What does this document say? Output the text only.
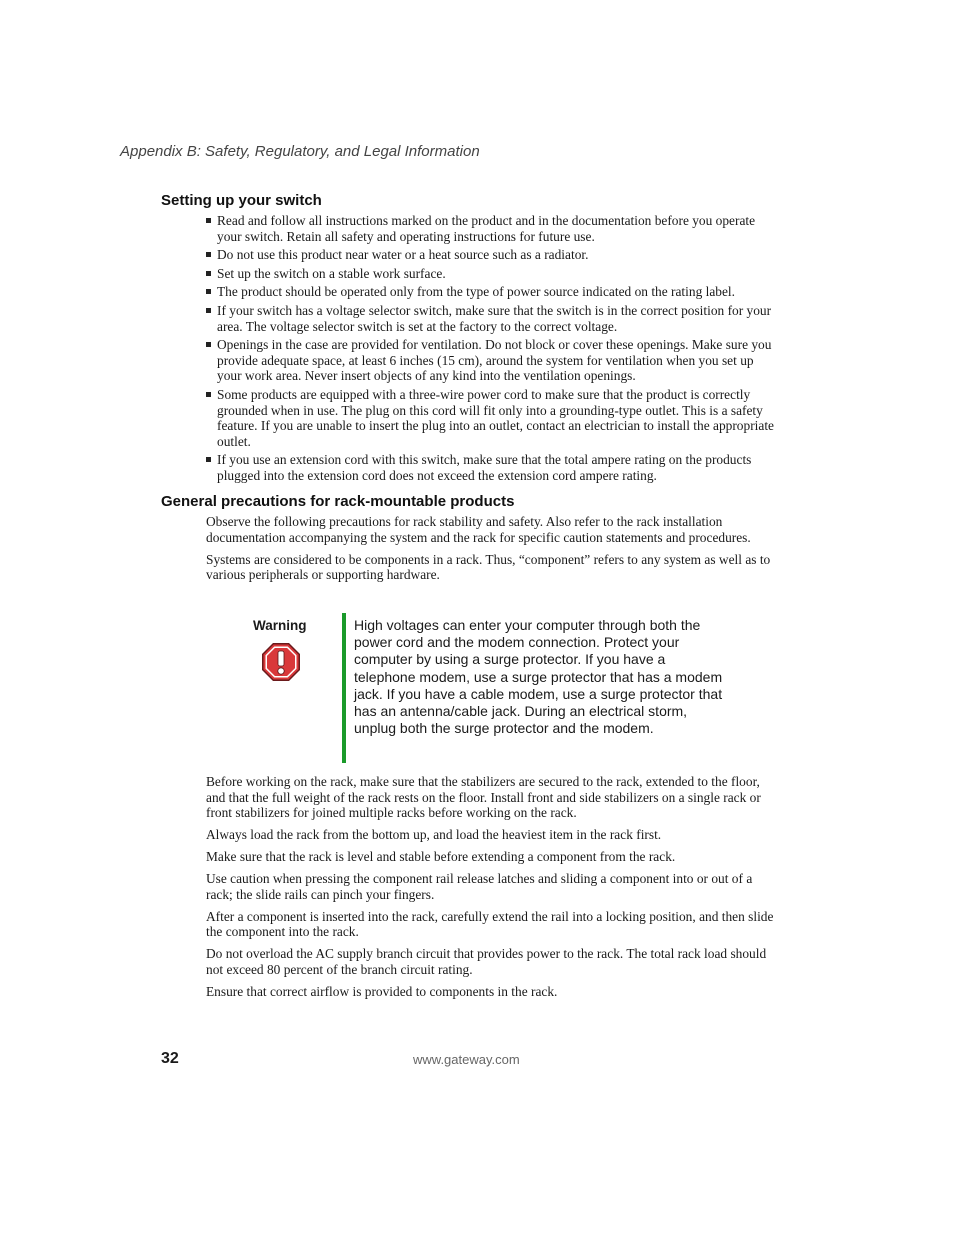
Appendix B: Safety, Regulatory, and Legal Information
Setting up your switch
Read and follow all instructions marked on the product and in the documentation before you operate your switch. Retain all safety and operating instructions for future use.
Do not use this product near water or a heat source such as a radiator.
Set up the switch on a stable work surface.
The product should be operated only from the type of power source indicated on the rating label.
If your switch has a voltage selector switch, make sure that the switch is in the correct position for your area. The voltage selector switch is set at the factory to the correct voltage.
Openings in the case are provided for ventilation. Do not block or cover these openings. Make sure you provide adequate space, at least 6 inches (15 cm), around the system for ventilation when you set up your work area. Never insert objects of any kind into the ventilation openings.
Some products are equipped with a three-wire power cord to make sure that the product is correctly grounded when in use. The plug on this cord will fit only into a grounding-type outlet. This is a safety feature. If you are unable to insert the plug into an outlet, contact an electrician to install the appropriate outlet.
If you use an extension cord with this switch, make sure that the total ampere rating on the products plugged into the extension cord does not exceed the extension cord ampere rating.
General precautions for rack-mountable products

Observe the following precautions for rack stability and safety. Also refer to the rack installation documentation accompanying the system and the rack for specific caution statements and procedures.

Systems are considered to be components in a rack. Thus, “component” refers to any system as well as to various peripherals or supporting hardware.

Warning	High voltages can enter your computer through both the power cord and the modem connection. Protect your computer by using a surge protector. If you have a telephone modem, use a surge protector that has a modem jack. If you have a cable modem, use a surge protector that has an antenna/cable jack. During an electrical storm, unplug both the surge protector and the modem.

Before working on the rack, make sure that the stabilizers are secured to the rack, extended to the floor, and that the full weight of the rack rests on the floor. Install front and side stabilizers on a single rack or front stabilizers for joined multiple racks before working on the rack.

Always load the rack from the bottom up, and load the heaviest item in the rack first.

Make sure that the rack is level and stable before extending a component from the rack.

Use caution when pressing the component rail release latches and sliding a component into or out of a rack; the slide rails can pinch your fingers.

After a component is inserted into the rack, carefully extend the rail into a locking position, and then slide the component into the rack.

Do not overload the AC supply branch circuit that provides power to the rack. The total rack load should not exceed 80 percent of the branch circuit rating.

Ensure that correct airflow is provided to components in the rack.

32	www.gateway.com
